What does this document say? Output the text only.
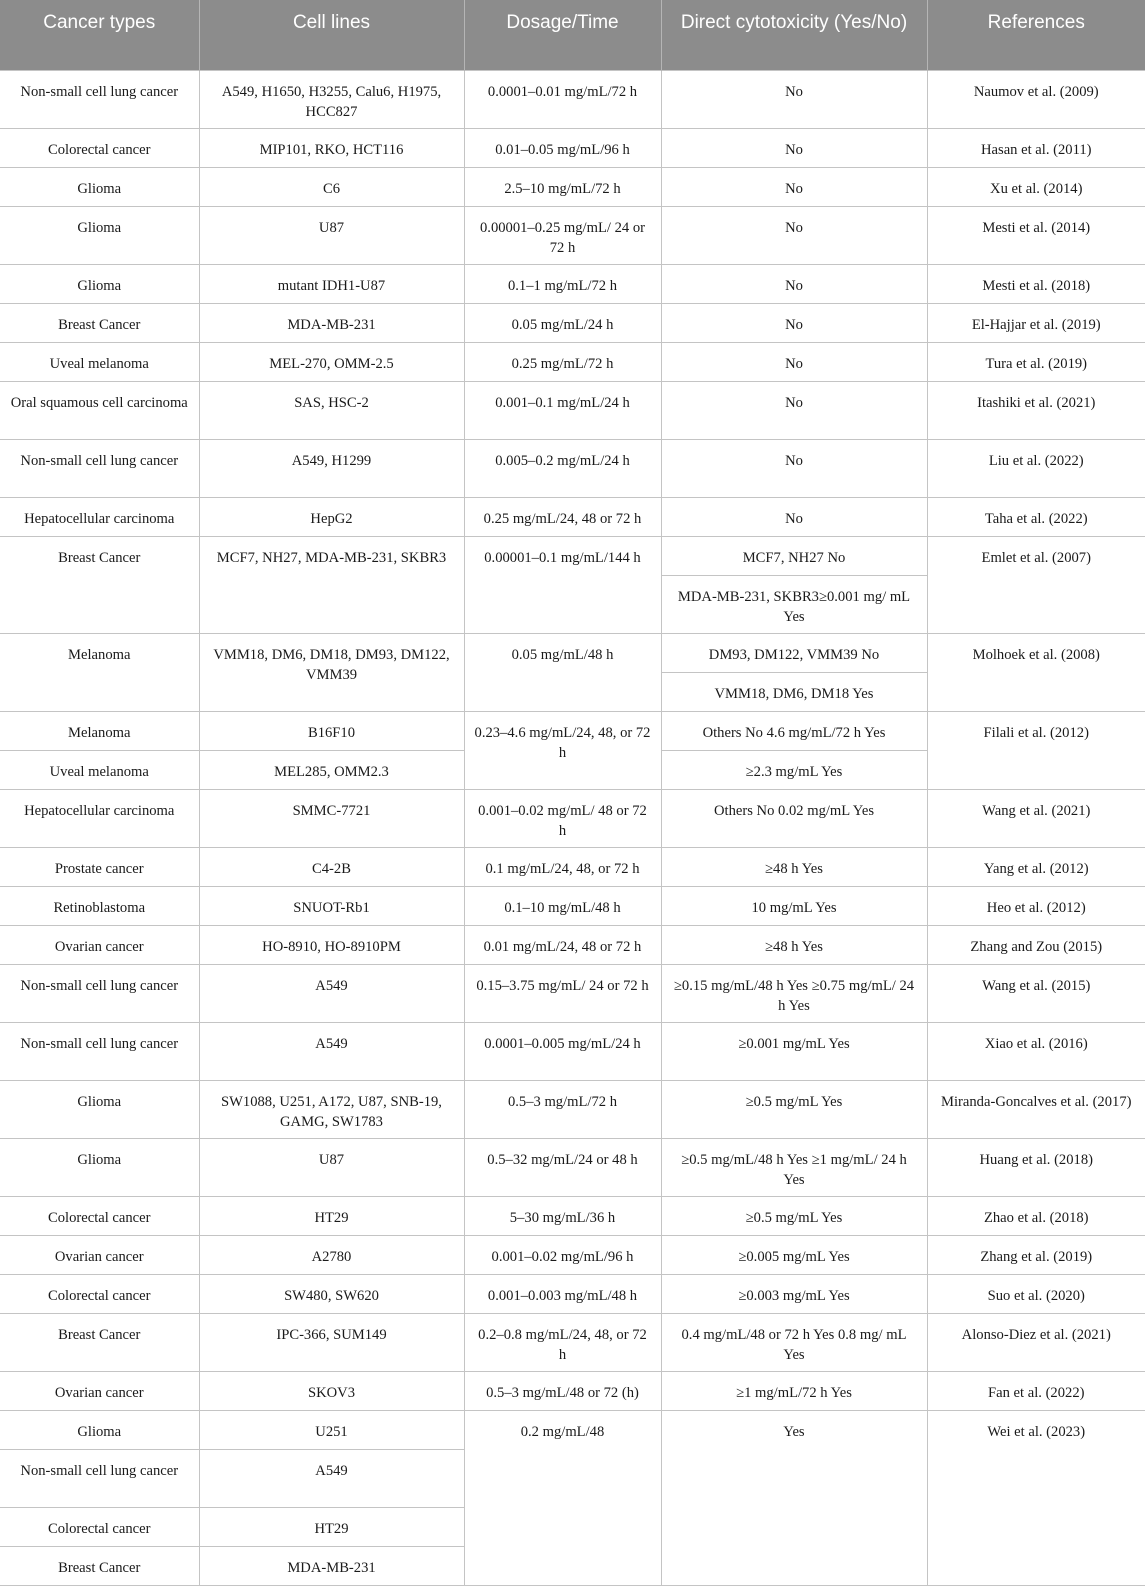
Cancer types	Cell lines	Dosage/Time	Direct cytotoxicity (Yes/No)	References
Non-small cell lung cancer	A549, H1650, H3255, Calu6, H1975, HCC827	0.0001–0.01 mg/mL/72 h	No	Naumov et al. (2009)
Colorectal cancer	MIP101, RKO, HCT116	0.01–0.05 mg/mL/96 h	No	Hasan et al. (2011)
Glioma	C6	2.5–10 mg/mL/72 h	No	Xu et al. (2014)
Glioma	U87	0.00001–0.25 mg/mL/ 24 or 72 h	No	Mesti et al. (2014)
Glioma	mutant IDH1-U87	0.1–1 mg/mL/72 h	No	Mesti et al. (2018)
Breast Cancer	MDA-MB-231	0.05 mg/mL/24 h	No	El-Hajjar et al. (2019)
Uveal melanoma	MEL-270, OMM-2.5	0.25 mg/mL/72 h	No	Tura et al. (2019)
Oral squamous cell carcinoma	SAS, HSC-2	0.001–0.1 mg/mL/24 h	No	Itashiki et al. (2021)
Non-small cell lung cancer	A549, H1299	0.005–0.2 mg/mL/24 h	No	Liu et al. (2022)
Hepatocellular carcinoma	HepG2	0.25 mg/mL/24, 48 or 72 h	No	Taha et al. (2022)
Breast Cancer	MCF7, NH27, MDA-MB-231, SKBR3	0.00001–0.1 mg/mL/144 h	MCF7, NH27 No	Emlet et al. (2007)
			MDA-MB-231, SKBR3≥0.001 mg/ mL Yes	
Melanoma	VMM18, DM6, DM18, DM93, DM122, VMM39	0.05 mg/mL/48 h	DM93, DM122, VMM39 No	Molhoek et al. (2008)
			VMM18, DM6, DM18 Yes	
Melanoma	B16F10	0.23–4.6 mg/mL/24, 48, or 72 h	Others No 4.6 mg/mL/72 h Yes	Filali et al. (2012)
Uveal melanoma	MEL285, OMM2.3		≥2.3 mg/mL Yes	
Hepatocellular carcinoma	SMMC-7721	0.001–0.02 mg/mL/ 48 or 72 h	Others No 0.02 mg/mL Yes	Wang et al. (2021)
Prostate cancer	C4-2B	0.1 mg/mL/24, 48, or 72 h	≥48 h Yes	Yang et al. (2012)
Retinoblastoma	SNUOT-Rb1	0.1–10 mg/mL/48 h	10 mg/mL Yes	Heo et al. (2012)
Ovarian cancer	HO-8910, HO-8910PM	0.01 mg/mL/24, 48 or 72 h	≥48 h Yes	Zhang and Zou (2015)
Non-small cell lung cancer	A549	0.15–3.75 mg/mL/ 24 or 72 h	≥0.15 mg/mL/48 h Yes ≥0.75 mg/mL/ 24 h Yes	Wang et al. (2015)
Non-small cell lung cancer	A549	0.0001–0.005 mg/mL/24 h	≥0.001 mg/mL Yes	Xiao et al. (2016)
Glioma	SW1088, U251, A172, U87, SNB-19, GAMG, SW1783	0.5–3 mg/mL/72 h	≥0.5 mg/mL Yes	Miranda-Goncalves et al. (2017)
Glioma	U87	0.5–32 mg/mL/24 or 48 h	≥0.5 mg/mL/48 h Yes ≥1 mg/mL/ 24 h Yes	Huang et al. (2018)
Colorectal cancer	HT29	5–30 mg/mL/36 h	≥0.5 mg/mL Yes	Zhao et al. (2018)
Ovarian cancer	A2780	0.001–0.02 mg/mL/96 h	≥0.005 mg/mL Yes	Zhang et al. (2019)
Colorectal cancer	SW480, SW620	0.001–0.003 mg/mL/48 h	≥0.003 mg/mL Yes	Suo et al. (2020)
Breast Cancer	IPC-366, SUM149	0.2–0.8 mg/mL/24, 48, or 72 h	0.4 mg/mL/48 or 72 h Yes 0.8 mg/ mL Yes	Alonso-Diez et al. (2021)
Ovarian cancer	SKOV3	0.5–3 mg/mL/48 or 72 (h)	≥1 mg/mL/72 h Yes	Fan et al. (2022)
Glioma	U251	0.2 mg/mL/48	Yes	Wei et al. (2023)
Non-small cell lung cancer	A549			
Colorectal cancer	HT29			
Breast Cancer	MDA-MB-231			
